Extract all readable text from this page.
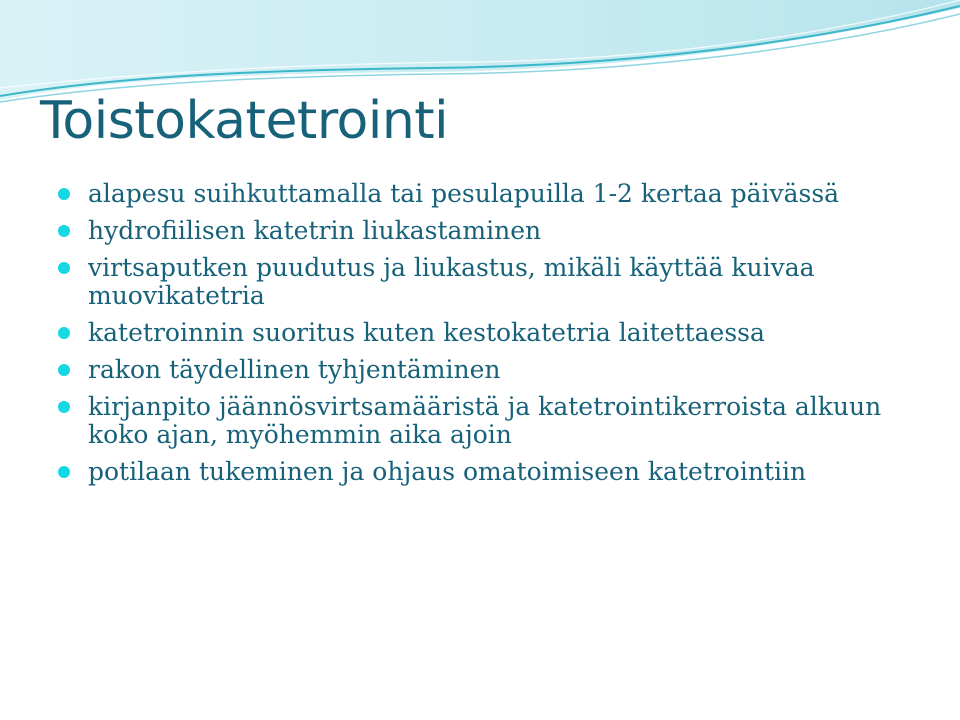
Toistokatetrointi
alapesu suihkuttamalla tai pesulapuilla 1-2 kertaa päivässä
hydrofiilisen katetrin liukastaminen
virtsaputken puudutus ja liukastus, mikäli käyttää kuivaa muovikatetria
katetroinnin suoritus kuten kestokatetria laitettaessa
rakon täydellinen tyhjentäminen
kirjanpito jäännösvirtsamääristä ja katetrointikerroista alkuun koko ajan, myöhemmin aika ajoin
potilaan tukeminen ja ohjaus omatoimiseen katetrointiin
